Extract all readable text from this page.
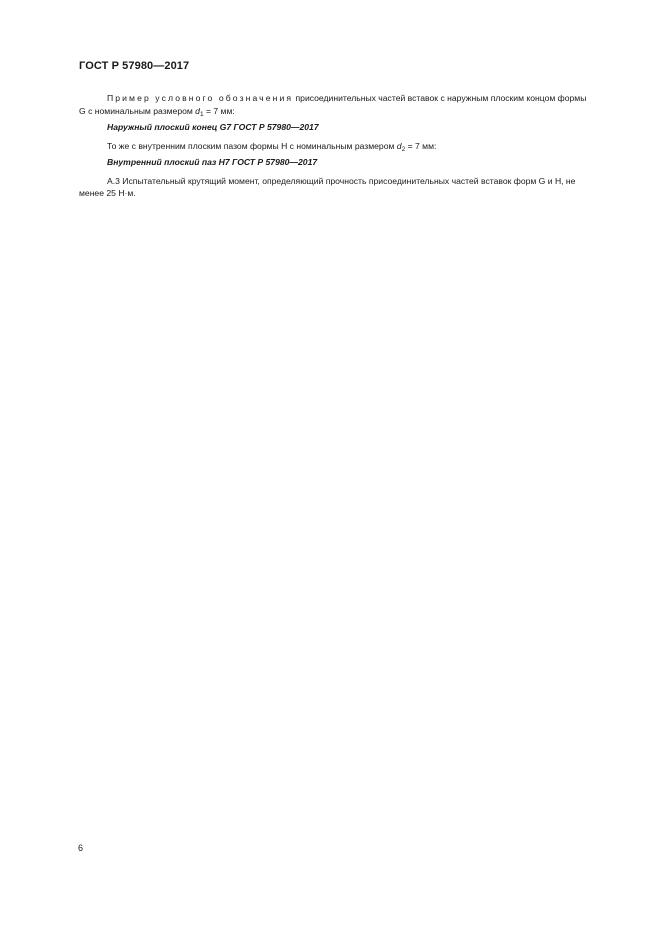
ГОСТ Р 57980—2017

Пример условного обозначения присоединительных частей вставок с наружным плоским концом формы G с номинальным размером $d_1 = 7$ мм:

Наружный плоский конец G7 ГОСТ Р 57980—2017

То же с внутренним плоским пазом формы Н с номинальным размером $d_2 = 7$ мм:

Внутренний плоский паз Н7 ГОСТ Р 57980—2017

А.3 Испытательный крутящий момент, определяющий прочность присоединительных частей вставок форм G и Н, не менее 25 Н·м.

6
